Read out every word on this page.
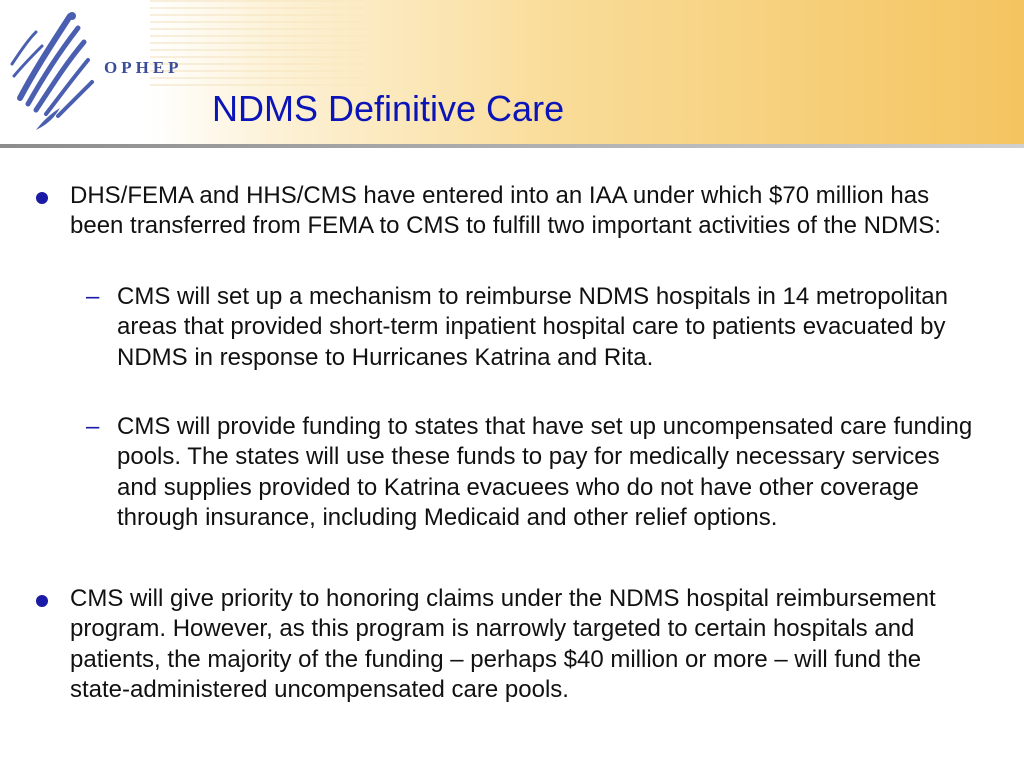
OPHEP
NDMS Definitive Care
DHS/FEMA and HHS/CMS have entered into an IAA under which $70 million has been transferred from FEMA to CMS to fulfill two important activities of the NDMS:
– CMS will set up a mechanism to reimburse NDMS hospitals in 14 metropolitan areas that provided short-term inpatient hospital care to patients evacuated by NDMS in response to Hurricanes Katrina and Rita.
– CMS will provide funding to states that have set up uncompensated care funding pools. The states will use these funds to pay for medically necessary services and supplies provided to Katrina evacuees who do not have other coverage through insurance, including Medicaid and other relief options.
CMS will give priority to honoring claims under the NDMS hospital reimbursement program. However, as this program is narrowly targeted to certain hospitals and patients, the majority of the funding – perhaps $40 million or more – will fund the state-administered uncompensated care pools.
